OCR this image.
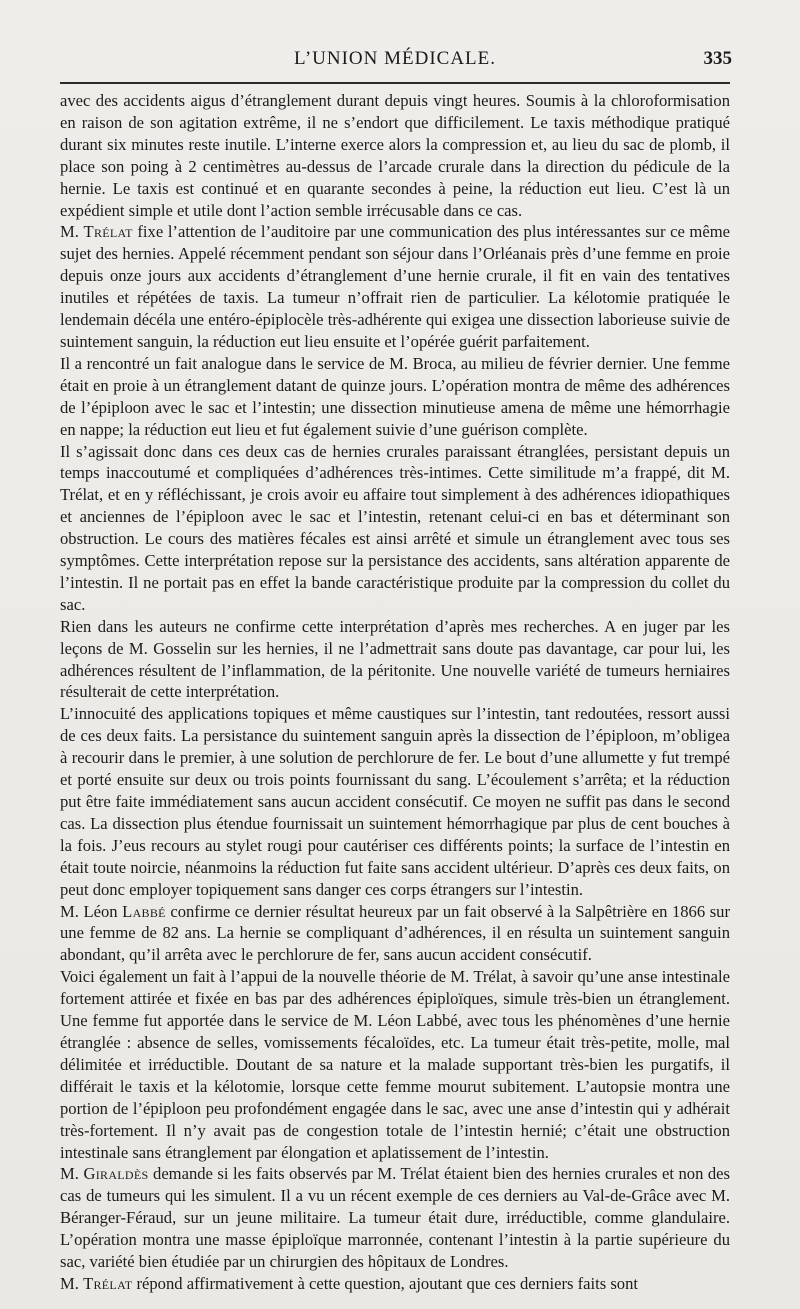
L’UNION MÉDICALE.	335

avec des accidents aigus d’étranglement durant depuis vingt heures. Soumis à la chloroformisation en raison de son agitation extrême, il ne s’endort que difficilement. Le taxis méthodique pratiqué durant six minutes reste inutile. L’interne exerce alors la compression et, au lieu du sac de plomb, il place son poing à 2 centimètres au-dessus de l’arcade crurale dans la direction du pédicule de la hernie. Le taxis est continué et en quarante secondes à peine, la réduction eut lieu. C’est là un expédient simple et utile dont l’action semble irrécusable dans ce cas.

M. Trélat fixe l’attention de l’auditoire par une communication des plus intéressantes sur ce même sujet des hernies. Appelé récemment pendant son séjour dans l’Orléanais près d’une femme en proie depuis onze jours aux accidents d’étranglement d’une hernie crurale, il fit en vain des tentatives inutiles et répétées de taxis. La tumeur n’offrait rien de particulier. La kélotomie pratiquée le lendemain décéla une entéro-épiplocèle très-adhérente qui exigea une dissection laborieuse suivie de suintement sanguin, la réduction eut lieu ensuite et l’opérée guérit parfaitement.

Il a rencontré un fait analogue dans le service de M. Broca, au milieu de février dernier. Une femme était en proie à un étranglement datant de quinze jours. L’opération montra de même des adhérences de l’épiploon avec le sac et l’intestin; une dissection minutieuse amena de même une hémorrhagie en nappe; la réduction eut lieu et fut également suivie d’une guérison complète.

Il s’agissait donc dans ces deux cas de hernies crurales paraissant étranglées, persistant depuis un temps inaccoutumé et compliquées d’adhérences très-intimes. Cette similitude m’a frappé, dit M. Trélat, et en y réfléchissant, je crois avoir eu affaire tout simplement à des adhérences idiopathiques et anciennes de l’épiploon avec le sac et l’intestin, retenant celui-ci en bas et déterminant son obstruction. Le cours des matières fécales est ainsi arrêté et simule un étranglement avec tous ses symptômes. Cette interprétation repose sur la persistance des accidents, sans altération apparente de l’intestin. Il ne portait pas en effet la bande caractéristique produite par la compression du collet du sac.

Rien dans les auteurs ne confirme cette interprétation d’après mes recherches. A en juger par les leçons de M. Gosselin sur les hernies, il ne l’admettrait sans doute pas davantage, car pour lui, les adhérences résultent de l’inflammation, de la péritonite. Une nouvelle variété de tumeurs herniaires résulterait de cette interprétation.

L’innocuité des applications topiques et même caustiques sur l’intestin, tant redoutées, ressort aussi de ces deux faits. La persistance du suintement sanguin après la dissection de l’épiploon, m’obligea à recourir dans le premier, à une solution de perchlorure de fer. Le bout d’une allumette y fut trempé et porté ensuite sur deux ou trois points fournissant du sang. L’écoulement s’arrêta; et la réduction put être faite immédiatement sans aucun accident consécutif. Ce moyen ne suffit pas dans le second cas. La dissection plus étendue fournissait un suintement hémorrhagique par plus de cent bouches à la fois. J’eus recours au stylet rougi pour cautériser ces différents points; la surface de l’intestin en était toute noircie, néanmoins la réduction fut faite sans accident ultérieur. D’après ces deux faits, on peut donc employer topiquement sans danger ces corps étrangers sur l’intestin.

M. Léon Labbé confirme ce dernier résultat heureux par un fait observé à la Salpêtrière en 1866 sur une femme de 82 ans. La hernie se compliquant d’adhérences, il en résulta un suintement sanguin abondant, qu’il arrêta avec le perchlorure de fer, sans aucun accident consécutif.

Voici également un fait à l’appui de la nouvelle théorie de M. Trélat, à savoir qu’une anse intestinale fortement attirée et fixée en bas par des adhérences épiploïques, simule très-bien un étranglement. Une femme fut apportée dans le service de M. Léon Labbé, avec tous les phénomènes d’une hernie étranglée : absence de selles, vomissements fécaloïdes, etc. La tumeur était très-petite, molle, mal délimitée et irréductible. Doutant de sa nature et la malade supportant très-bien les purgatifs, il différait le taxis et la kélotomie, lorsque cette femme mourut subitement. L’autopsie montra une portion de l’épiploon peu profondément engagée dans le sac, avec une anse d’intestin qui y adhérait très-fortement. Il n’y avait pas de congestion totale de l’intestin hernié; c’était une obstruction intestinale sans étranglement par élongation et aplatissement de l’intestin.

M. Giraldès demande si les faits observés par M. Trélat étaient bien des hernies crurales et non des cas de tumeurs qui les simulent. Il a vu un récent exemple de ces derniers au Val-de-Grâce avec M. Béranger-Féraud, sur un jeune militaire. La tumeur était dure, irréductible, comme glandulaire. L’opération montra une masse épiploïque marronnée, contenant l’intestin à la partie supérieure du sac, variété bien étudiée par un chirurgien des hôpitaux de Londres.

M. Trélat répond affirmativement à cette question, ajoutant que ces derniers faits sont
